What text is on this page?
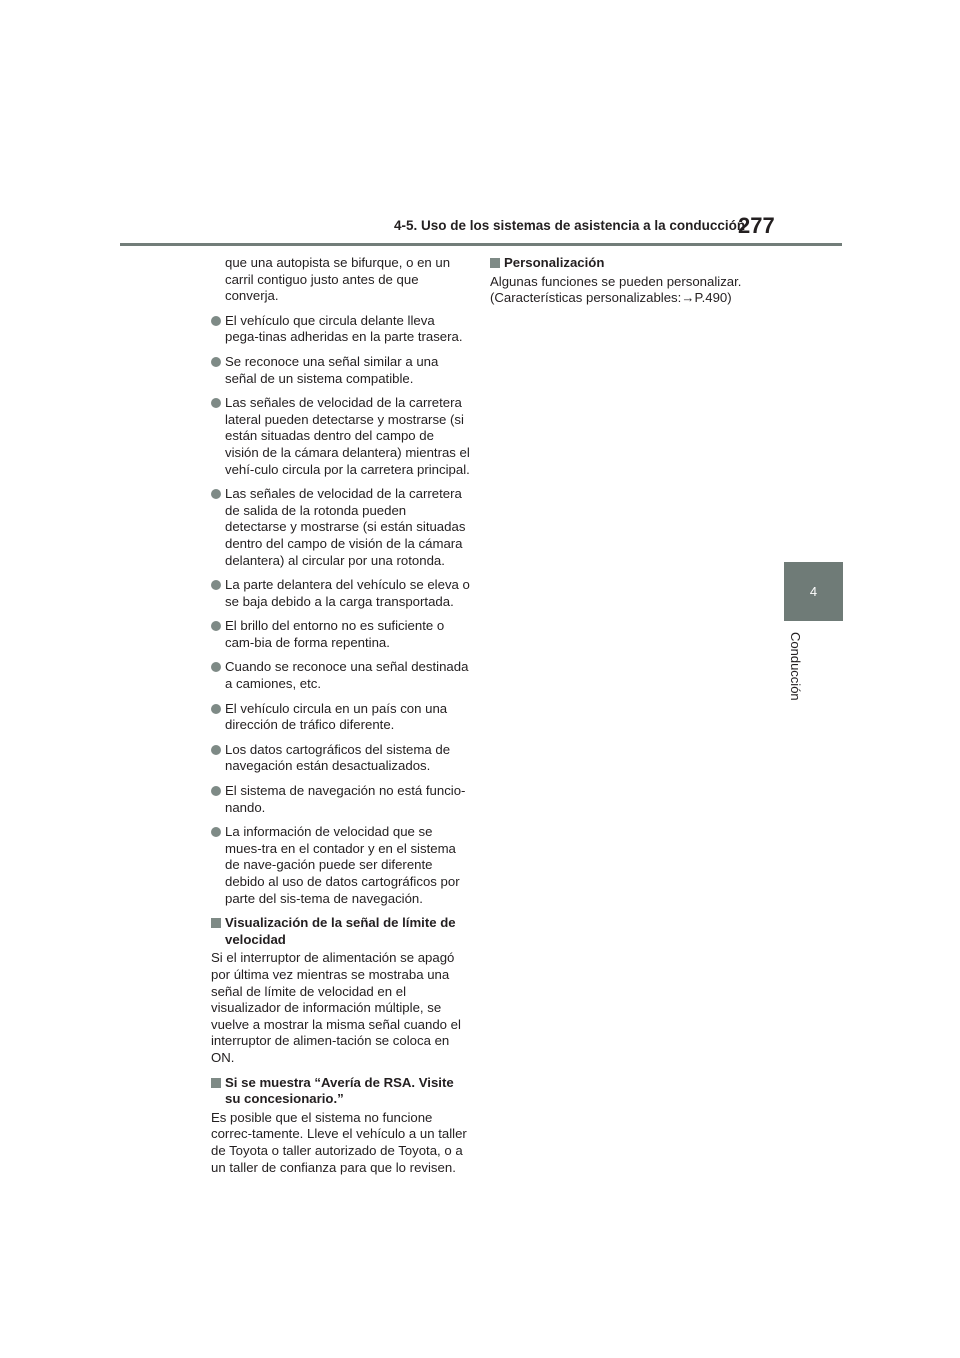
4-5. Uso de los sistemas de asistencia a la conducción
277
4
Conducción

que una autopista se bifurque, o en un carril contiguo justo antes de que converja.

El vehículo que circula delante lleva pega-tinas adheridas en la parte trasera.
Se reconoce una señal similar a una señal de un sistema compatible.
Las señales de velocidad de la carretera lateral pueden detectarse y mostrarse (si están situadas dentro del campo de visión de la cámara delantera) mientras el vehí-culo circula por la carretera principal.
Las señales de velocidad de la carretera de salida de la rotonda pueden detectarse y mostrarse (si están situadas dentro del campo de visión de la cámara delantera) al circular por una rotonda.
La parte delantera del vehículo se eleva o se baja debido a la carga transportada.
El brillo del entorno no es suficiente o cam-bia de forma repentina.
Cuando se reconoce una señal destinada a camiones, etc.
El vehículo circula en un país con una dirección de tráfico diferente.
Los datos cartográficos del sistema de navegación están desactualizados.
El sistema de navegación no está funcio-nando.
La información de velocidad que se mues-tra en el contador y en el sistema de nave-gación puede ser diferente debido al uso de datos cartográficos por parte del sis-tema de navegación.
Visualización de la señal de límite de velocidad

Si el interruptor de alimentación se apagó por última vez mientras se mostraba una señal de límite de velocidad en el visualizador de información múltiple, se vuelve a mostrar la misma señal cuando el interruptor de alimen-tación se coloca en ON.

Si se muestra “Avería de RSA. Visite su concesionario.”

Es posible que el sistema no funcione correc-tamente. Lleve el vehículo a un taller de Toyota o taller autorizado de Toyota, o a un taller de confianza para que lo revisen.

Personalización

Algunas funciones se pueden personalizar. (Características personalizables:→P.490)
